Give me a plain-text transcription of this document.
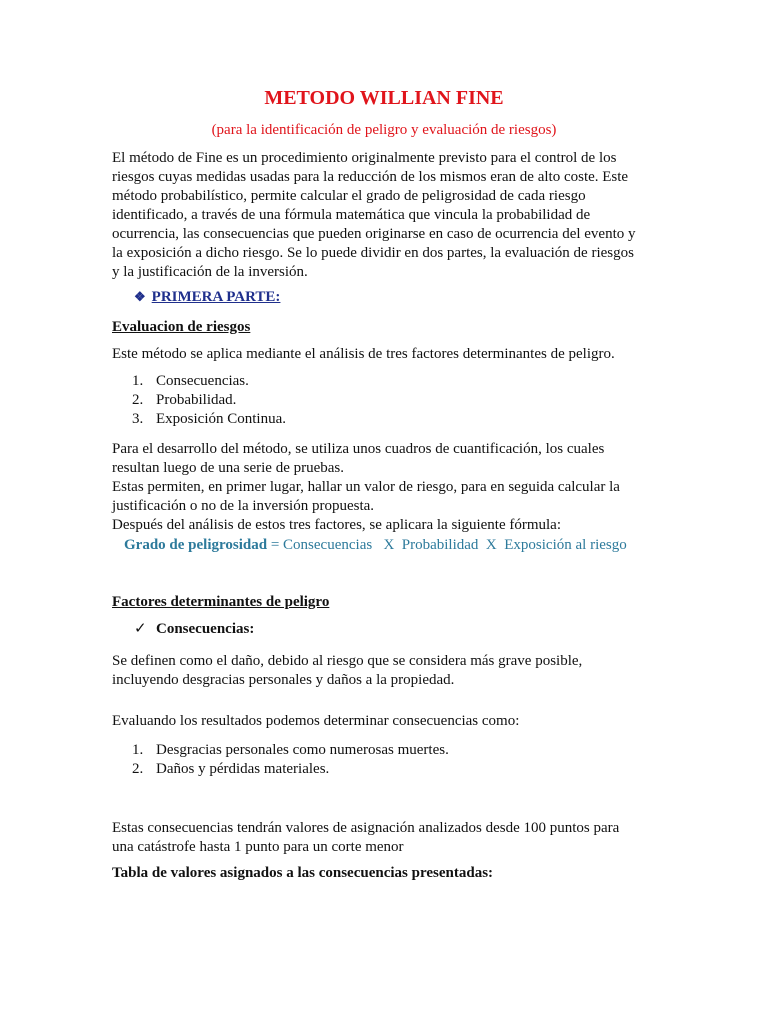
METODO WILLIAN FINE

(para la identificación de peligro y evaluación de riesgos)

El método de Fine es un procedimiento originalmente previsto para el control de los
riesgos cuyas medidas usadas para la reducción de los mismos eran de alto coste. Este
método probabilístico, permite calcular el grado de peligrosidad de cada riesgo
identificado, a través de una fórmula matemática que vincula la probabilidad de
ocurrencia, las consecuencias que pueden originarse en caso de ocurrencia del evento y
la exposición a dicho riesgo. Se lo puede dividir en dos partes, la evaluación de riesgos
y la justificación de la inversión.
❖ PRIMERA PARTE:
Evaluacion de riesgos
Este método se aplica mediante el análisis de tres factores determinantes de peligro.
1. Consecuencias.
2. Probabilidad.
3. Exposición Continua.
Para el desarrollo del método, se utiliza unos cuadros de cuantificación, los cuales
resultan luego de una serie de pruebas.
Estas permiten, en primer lugar, hallar un valor de riesgo, para en seguida calcular la
justificación o no de la inversión propuesta.
Después del análisis de estos tres factores, se aplicara la siguiente fórmula:
Grado de peligrosidad = Consecuencias   X  Probabilidad  X  Exposición al riesgo
Factores determinantes de peligro
✓ Consecuencias:
Se definen como el daño, debido al riesgo que se considera más grave posible,
incluyendo desgracias personales y daños a la propiedad.
Evaluando los resultados podemos determinar consecuencias como:
1. Desgracias personales como numerosas muertes.
2. Daños y pérdidas materiales.
Estas consecuencias tendrán valores de asignación analizados desde 100 puntos para
una catástrofe hasta 1 punto para un corte menor
Tabla de valores asignados a las consecuencias presentadas:
